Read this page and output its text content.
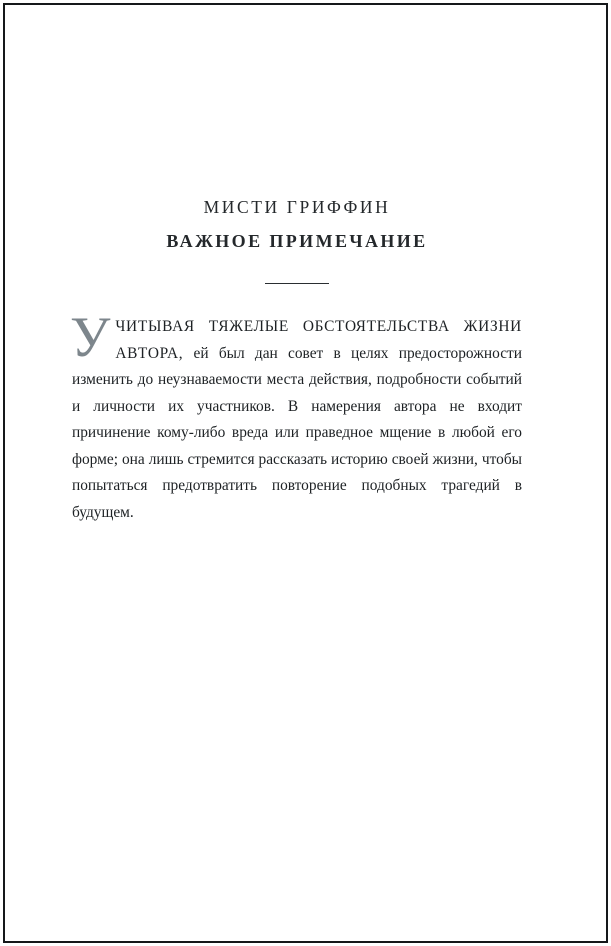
МИСТИ ГРИФФИН
ВАЖНОЕ ПРИМЕЧАНИЕ
УЧИТЫВАЯ ТЯЖЕЛЫЕ ОБСТОЯТЕЛЬСТВА ЖИЗНИ АВТОРА, ей был дан совет в целях предосторожности изменить до неузнаваемости места действия, подробности событий и личности их участников. В намерения автора не входит причинение кому-либо вреда или праведное мщение в любой его форме; она лишь стремится рассказать историю своей жизни, чтобы попытаться предотвратить повторение подобных трагедий в будущем.
